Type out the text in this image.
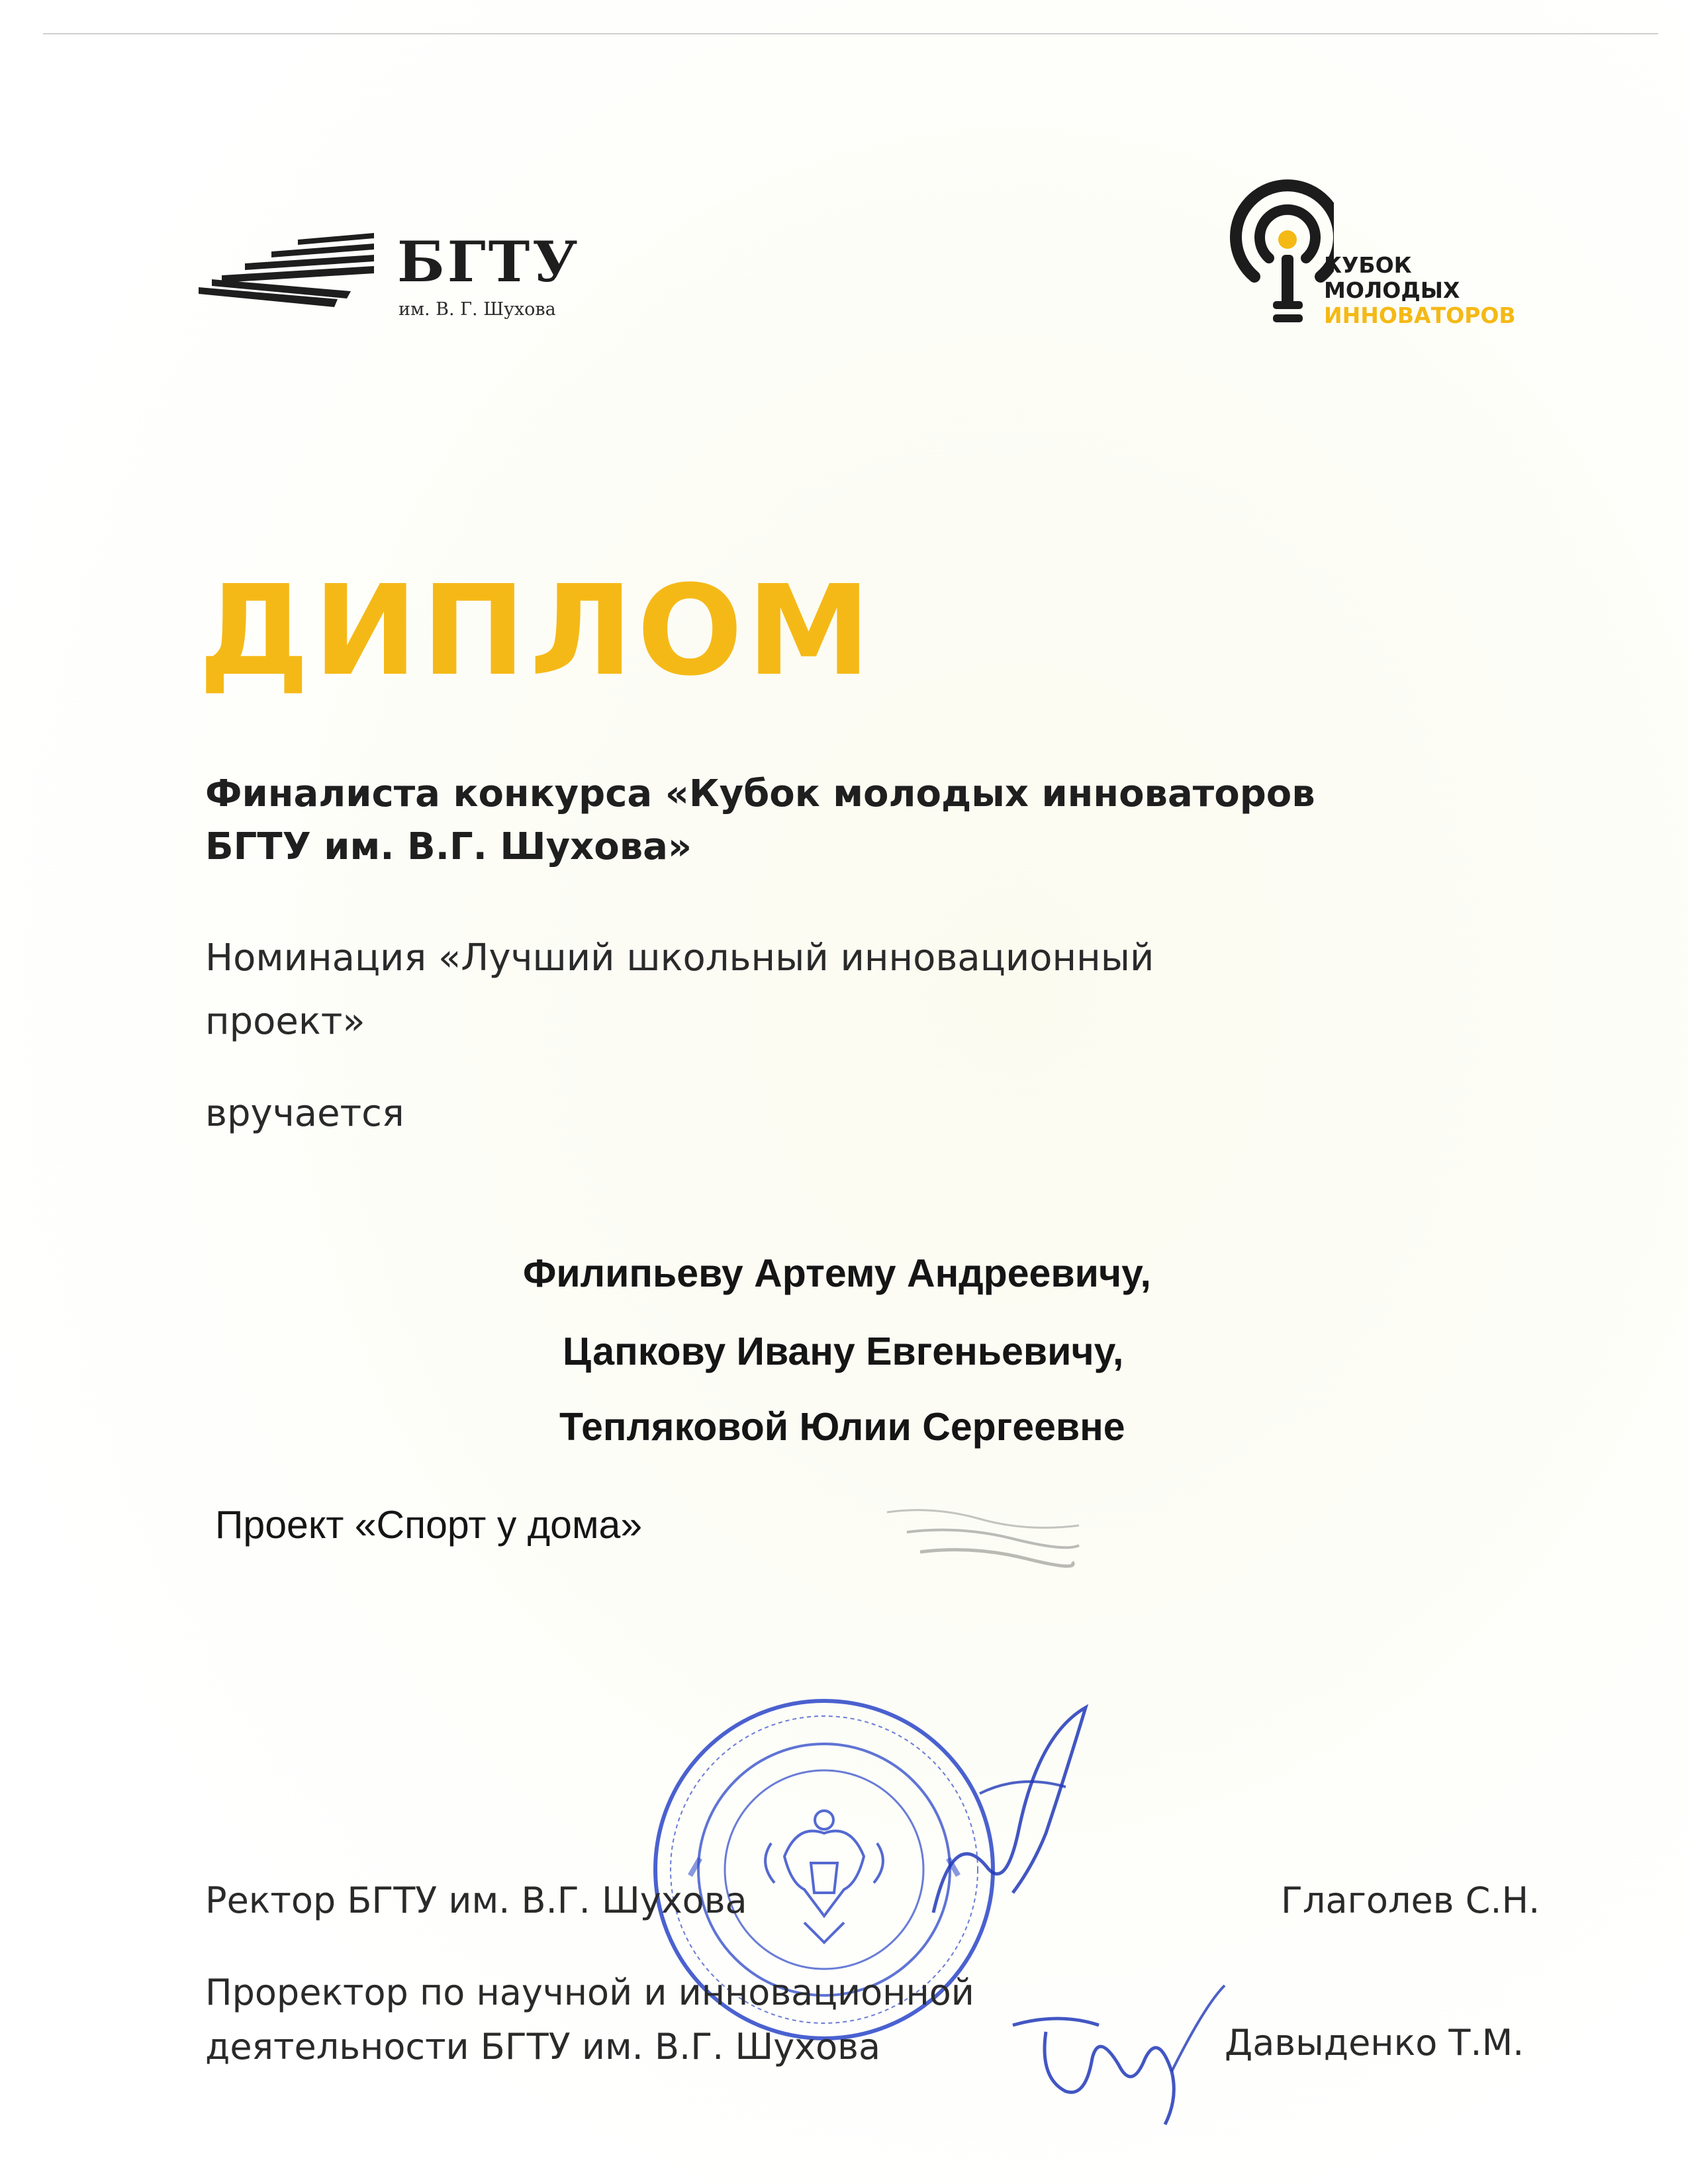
БГТУ
им. В. Г. Шухова
КУБОК
МОЛОДЫХ
ИННОВАТОРОВ
ДИПЛОМ
Финалиста конкурса «Кубок молодых инноваторов
БГТУ им. В.Г. Шухова»
Номинация «Лучший школьный инновационный
проект»
вручается
Филипьеву Артему Андреевичу,
Цапкову Ивану Евгеньевичу,
Тепляковой Юлии Сергеевне
Проект «Спорт у дома»
Ректор БГТУ им. В.Г. Шухова	Глаголев С.Н.
Проректор по научной и инновационной
деятельности БГТУ им. В.Г. Шухова	Давыденко Т.М.
